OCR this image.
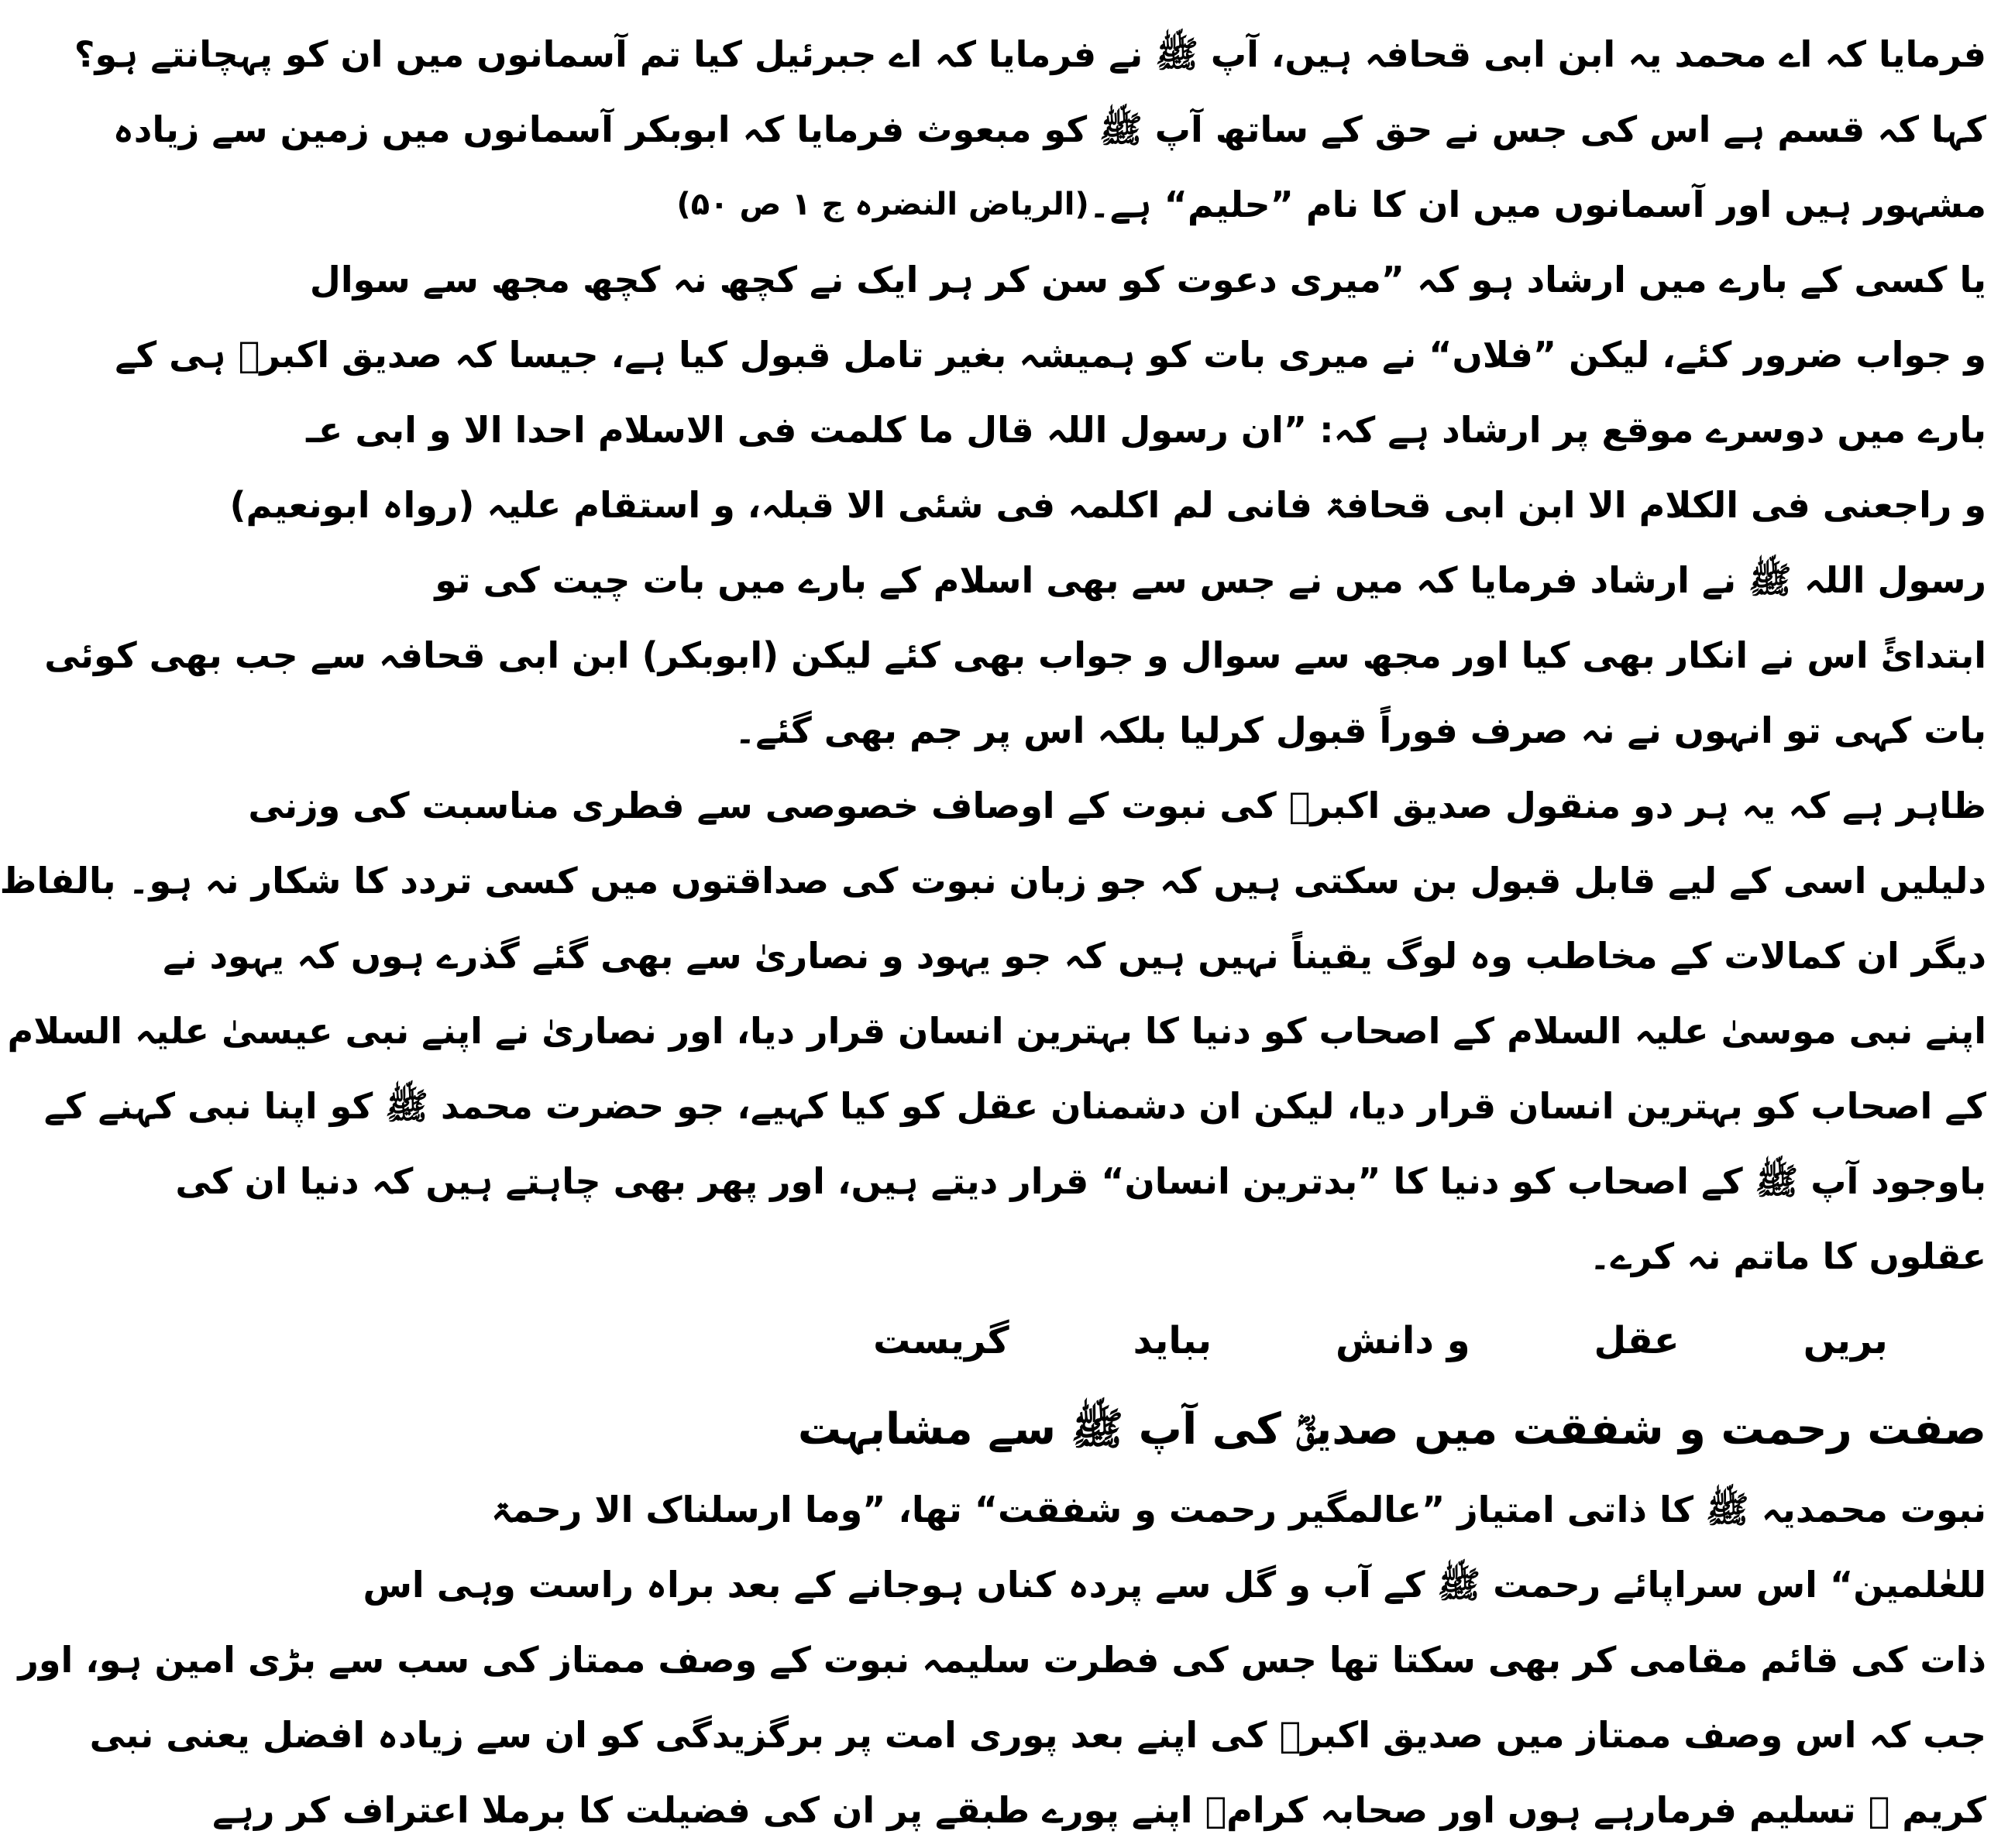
فرمایا کہ اے محمد یہ ابن ابی قحافہ ہیں، آپ ﷺ نے فرمایا کہ اے جبرئیل کیا تم آسمانوں میں ان کو پہچانتے ہو؟
کہا کہ قسم ہے اس کی جس نے حق کے ساتھ آپ ﷺ کو مبعوث فرمایا کہ ابوبکر آسمانوں میں زمین سے زیادہ
مشہور ہیں اور آسمانوں میں ان کا نام ”حلیم“ ہے۔
(الریاض النضرہ ج ۱ ص ۵۰)
یا کسی کے بارے میں ارشاد ہو کہ ”میری دعوت کو سن کر ہر ایک نے کچھ نہ کچھ مجھ سے سوال
و جواب ضرور کئے، لیکن ”فلاں“ نے میری بات کو ہمیشہ بغیر تامل قبول کیا ہے، جیسا کہ صدیق اکبرؓ ہی کے
بارے میں دوسرے موقع پر ارشاد ہے کہ: ”ان رسول اللہ قال ما کلمت فی الاسلام احدا الا و ابی عـ
و راجعنی فی الکلام الا ابن ابی قحافۃ فانی لم اکلمہ فی شئی الا قبلہ، و استقام علیہ (رواہ ابونعیم)
رسول اللہ ﷺ نے ارشاد فرمایا کہ میں نے جس سے بھی اسلام کے بارے میں بات چیت کی تو
ابتدائً اس نے انکار بھی کیا اور مجھ سے سوال و جواب بھی کئے لیکن (ابوبکر) ابن ابی قحافہ سے جب بھی کوئی
بات کہی تو انہوں نے نہ صرف فوراً قبول کرلیا بلکہ اس پر جم بھی گئے۔
ظاہر ہے کہ یہ ہر دو منقول صدیق اکبرؓ کی نبوت کے اوصاف خصوصی سے فطری مناسبت کی وزنی
دلیلیں اسی کے لیے قابل قبول بن سکتی ہیں کہ جو زبان نبوت کی صداقتوں میں کسی تردد کا شکار نہ ہو۔ بالفاظ
دیگر ان کمالات کے مخاطب وہ لوگ یقیناً نہیں ہیں کہ جو یہود و نصاریٰ سے بھی گئے گذرے ہوں کہ یہود نے
اپنے نبی موسیٰ علیہ السلام کے اصحاب کو دنیا کا بہترین انسان قرار دیا، اور نصاریٰ نے اپنے نبی عیسیٰ علیہ السلام
کے اصحاب کو بہترین انسان قرار دیا، لیکن ان دشمنان عقل کو کیا کہیے، جو حضرت محمد ﷺ کو اپنا نبی کہنے کے
باوجود آپ ﷺ کے اصحاب کو دنیا کا ”بدترین انسان“ قرار دیتے ہیں، اور پھر بھی چاہتے ہیں کہ دنیا ان کی
عقلوں کا ماتم نہ کرے۔
بریں
عقل
و دانش
بباید
گریست
صفت رحمت و شفقت میں صدیقؓ کی آپ ﷺ سے مشابہت
نبوت محمدیہ ﷺ کا ذاتی امتیاز ”عالمگیر رحمت و شفقت“ تھا، ”وما ارسلناک الا رحمۃ
للعٰلمین“ اس سراپائے رحمت ﷺ کے آب و گل سے پردہ کناں ہوجانے کے بعد براہ راست وہی اس
ذات کی قائم مقامی کر بھی سکتا تھا جس کی فطرت سلیمہ نبوت کے وصف ممتاز کی سب سے بڑی امین ہو، اور
جب کہ اس وصف ممتاز میں صدیق اکبرؓ کی اپنے بعد پوری امت پر برگزیدگی کو ان سے زیادہ افضل یعنی نبی
کریم ﷺ تسلیم فرمارہے ہوں اور صحابہ کرامؓ اپنے پورے طبقے پر ان کی فضیلت کا برملا اعتراف کر رہے
